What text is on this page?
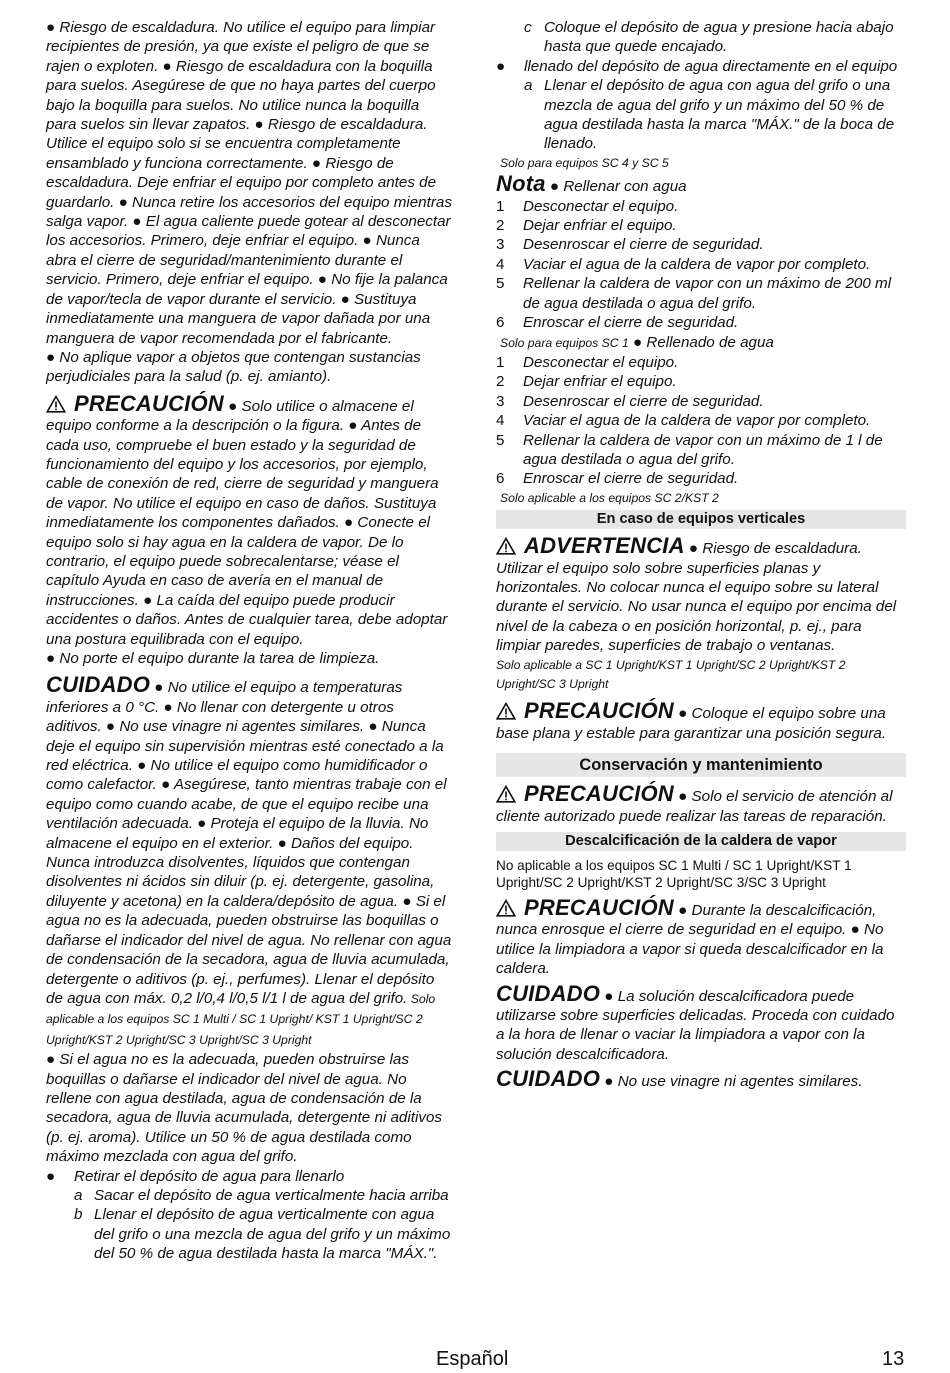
● Riesgo de escaldadura. No utilice el equipo para limpiar recipientes de presión, ya que existe el peligro de que se rajen o exploten. ● Riesgo de escaldadura con la boquilla para suelos. Asegúrese de que no haya partes del cuerpo bajo la boquilla para suelos. No utilice nunca la boquilla para suelos sin llevar zapatos. ● Riesgo de escaldadura. Utilice el equipo solo si se encuentra completamente ensamblado y funciona correctamente. ● Riesgo de escaldadura. Deje enfriar el equipo por completo antes de guardarlo. ● Nunca retire los accesorios del equipo mientras salga vapor. ● El agua caliente puede gotear al desconectar los accesorios. Primero, deje enfriar el equipo. ● Nunca abra el cierre de seguridad/mantenimiento durante el servicio. Primero, deje enfriar el equipo. ● No fije la palanca de vapor/tecla de vapor durante el servicio. ● Sustituya inmediatamente una manguera de vapor dañada por una manguera de vapor recomendada por el fabricante.

● No aplique vapor a objetos que contengan sustancias perjudiciales para la salud (p. ej. amianto).

PRECAUCIÓN ● Solo utilice o almacene el equipo conforme a la descripción o la figura. ● Antes de cada uso, compruebe el buen estado y la seguridad de funcionamiento del equipo y los accesorios, por ejemplo, cable de conexión de red, cierre de seguridad y manguera de vapor. No utilice el equipo en caso de daños. Sustituya inmediatamente los componentes dañados. ● Conecte el equipo solo si hay agua en la caldera de vapor. De lo contrario, el equipo puede sobrecalentarse; véase el capítulo Ayuda en caso de avería en el manual de instrucciones. ● La caída del equipo puede producir accidentes o daños. Antes de cualquier tarea, debe adoptar una postura equilibrada con el equipo.

● No porte el equipo durante la tarea de limpieza.

CUIDADO ● No utilice el equipo a temperaturas inferiores a 0 °C. ● No llenar con detergente u otros aditivos. ● No use vinagre ni agentes similares. ● Nunca deje el equipo sin supervisión mientras esté conectado a la red eléctrica. ● No utilice el equipo como humidificador o como calefactor. ● Asegúrese, tanto mientras trabaje con el equipo como cuando acabe, de que el equipo recibe una ventilación adecuada. ● Proteja el equipo de la lluvia. No almacene el equipo en el exterior. ● Daños del equipo. Nunca introduzca disolventes, líquidos que contengan disolventes ni ácidos sin diluir (p. ej. detergente, gasolina, diluyente y acetona) en la caldera/depósito de agua. ● Si el agua no es la adecuada, pueden obstruirse las boquillas o dañarse el indicador del nivel de agua. No rellenar con agua de condensación de la secadora, agua de lluvia acumulada, detergente o aditivos (p. ej., perfumes). Llenar el depósito de agua con máx. 0,2 l/0,4 l/0,5 l/1 l de agua del grifo. Solo aplicable a los equipos SC 1 Multi / SC 1 Upright/ KST 1 Upright/SC 2 Upright/KST 2 Upright/SC 3 Upright/SC 3 Upright

● Si el agua no es la adecuada, pueden obstruirse las boquillas o dañarse el indicador del nivel de agua. No rellene con agua destilada, agua de condensación de la secadora, agua de lluvia acumulada, detergente ni aditivos (p. ej. aroma). Utilice un 50 % de agua destilada como máximo mezclada con agua del grifo.

●	Retirar el depósito de agua para llenarlo
a Sacar el depósito de agua verticalmente hacia arriba
b Llenar el depósito de agua verticalmente con agua del grifo o una mezcla de agua del grifo y un máximo del 50 % de agua destilada hasta la marca "MÁX.".
c Coloque el depósito de agua y presione hacia abajo hasta que quede encajado.
●	llenado del depósito de agua directamente en el equipo
a Llenar el depósito de agua con agua del grifo o una mezcla de agua del grifo y un máximo del 50 % de agua destilada hasta la marca "MÁX." de la boca de llenado.

Solo para equipos SC 4 y SC 5

Nota ● Rellenar con agua

1	Desconectar el equipo.
2	Dejar enfriar el equipo.
3	Desenroscar el cierre de seguridad.
4	Vaciar el agua de la caldera de vapor por completo.
5	Rellenar la caldera de vapor con un máximo de 200 ml de agua destilada o agua del grifo.
6	Enroscar el cierre de seguridad.

Solo para equipos SC 1 ● Rellenado de agua

1	Desconectar el equipo.
2	Dejar enfriar el equipo.
3	Desenroscar el cierre de seguridad.
4	Vaciar el agua de la caldera de vapor por completo.
5	Rellenar la caldera de vapor con un máximo de 1 l de agua destilada o agua del grifo.
6	Enroscar el cierre de seguridad.

Solo aplicable a los equipos SC 2/KST 2

En caso de equipos verticales

ADVERTENCIA ● Riesgo de escaldadura. Utilizar el equipo solo sobre superficies planas y horizontales. No colocar nunca el equipo sobre su lateral durante el servicio. No usar nunca el equipo por encima del nivel de la cabeza o en posición horizontal, p. ej., para limpiar paredes, superficies de trabajo o ventanas.

Solo aplicable a SC 1 Upright/KST 1 Upright/SC 2 Upright/KST 2 Upright/SC 3 Upright

PRECAUCIÓN ● Coloque el equipo sobre una base plana y estable para garantizar una posición segura.

Conservación y mantenimiento

PRECAUCIÓN ● Solo el servicio de atención al cliente autorizado puede realizar las tareas de reparación.

Descalcificación de la caldera de vapor

No aplicable a los equipos SC 1 Multi / SC 1 Upright/KST 1 Upright/SC 2 Upright/KST 2 Upright/SC 3/SC 3 Upright

PRECAUCIÓN ● Durante la descalcificación, nunca enrosque el cierre de seguridad en el equipo. ● No utilice la limpiadora a vapor si queda descalcificador en la caldera.

CUIDADO ● La solución descalcificadora puede utilizarse sobre superficies delicadas. Proceda con cuidado a la hora de llenar o vaciar la limpiadora a vapor con la solución descalcificadora.

CUIDADO ● No use vinagre ni agentes similares.

Español	13
